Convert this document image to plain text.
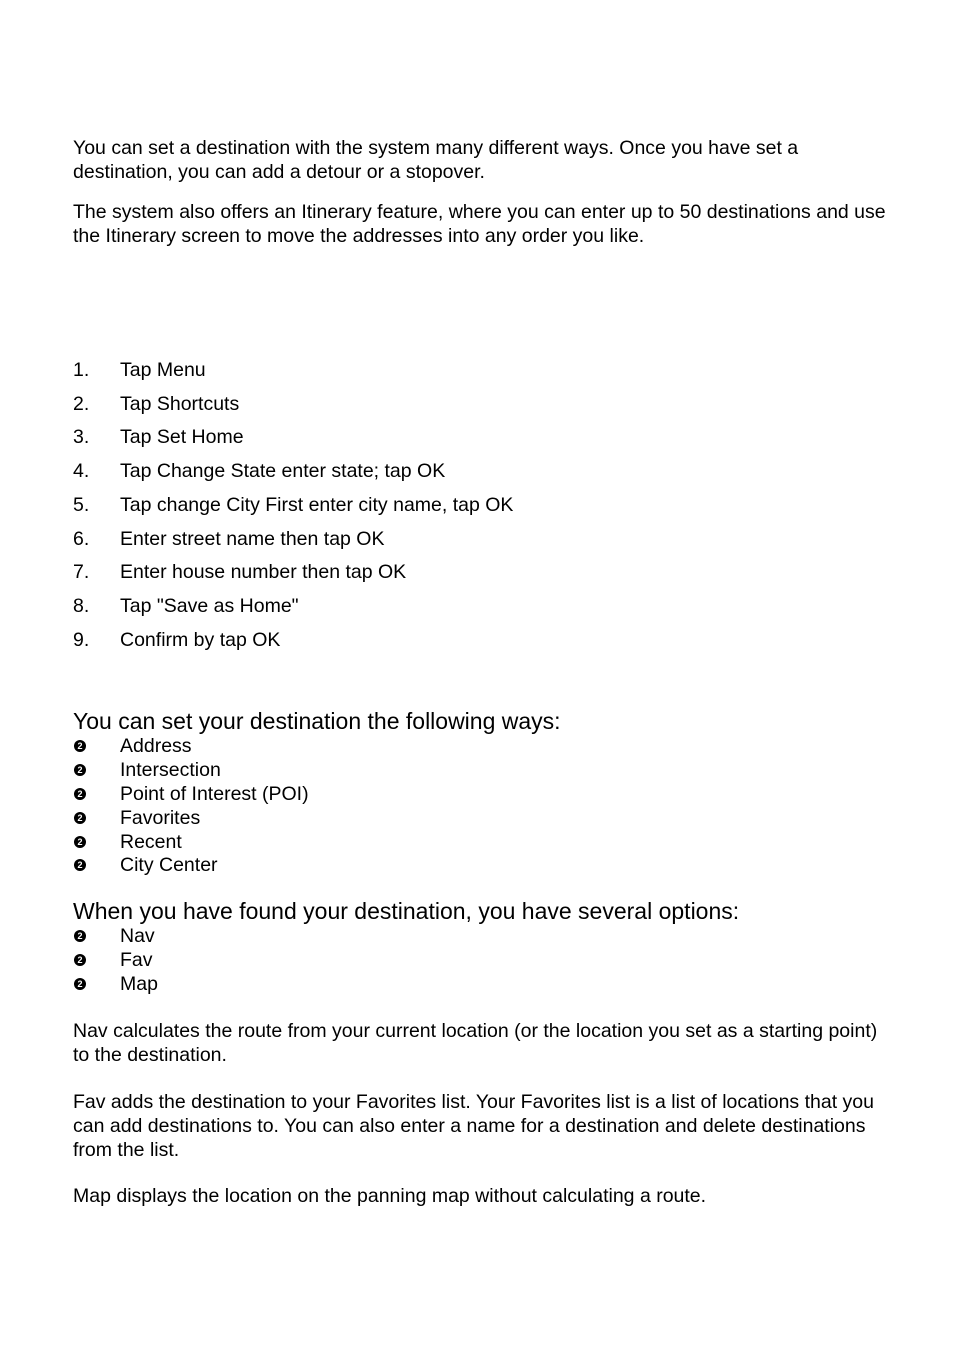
You can set a destination with the system many different ways. Once you have set a destination, you can add a detour or a stopover.

The system also offers an Itinerary feature, where you can enter up to 50 destinations and use the Itinerary screen to move the addresses into any order you like.

1. Tap Menu
2. Tap Shortcuts
3. Tap Set Home
4. Tap Change State enter state; tap OK
5. Tap change City First enter city name, tap OK
6. Enter street name then tap OK
7. Enter house number then tap OK
8. Tap "Save as Home"
9. Confirm by tap OK

You can set your destination the following ways:

2 Address
2 Intersection
2 Point of Interest (POI)
2 Favorites
2 Recent
2 City Center

When you have found your destination, you have several options:

2 Nav
2 Fav
2 Map

Nav calculates the route from your current location (or the location you set as a starting point) to the destination.

Fav adds the destination to your Favorites list. Your Favorites list is a list of locations that you can add destinations to. You can also enter a name for a destination and delete destinations from the list.

Map displays the location on the panning map without calculating a route.
